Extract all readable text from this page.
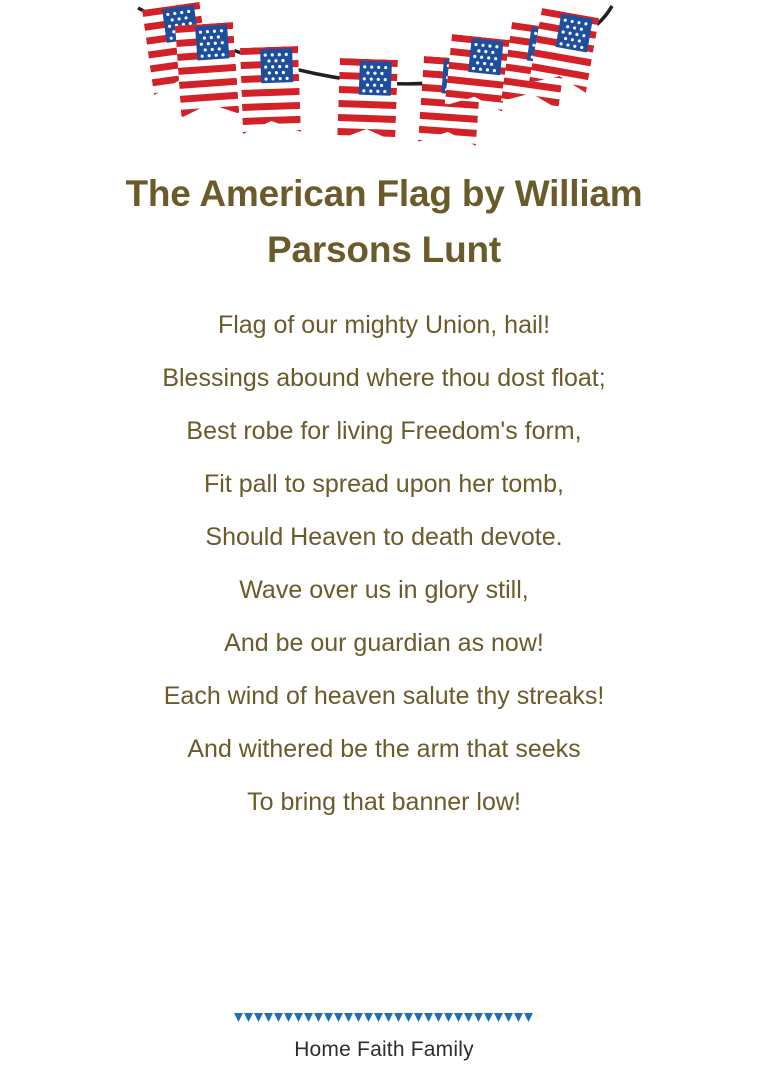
The American Flag by William Parsons Lunt
Flag of our mighty Union, hail!
Blessings abound where thou dost float;
Best robe for living Freedom's form,
Fit pall to spread upon her tomb,
Should Heaven to death devote.
Wave over us in glory still,
And be our guardian as now!
Each wind of heaven salute thy streaks!
And withered be the arm that seeks
To bring that banner low!
Home Faith Family
